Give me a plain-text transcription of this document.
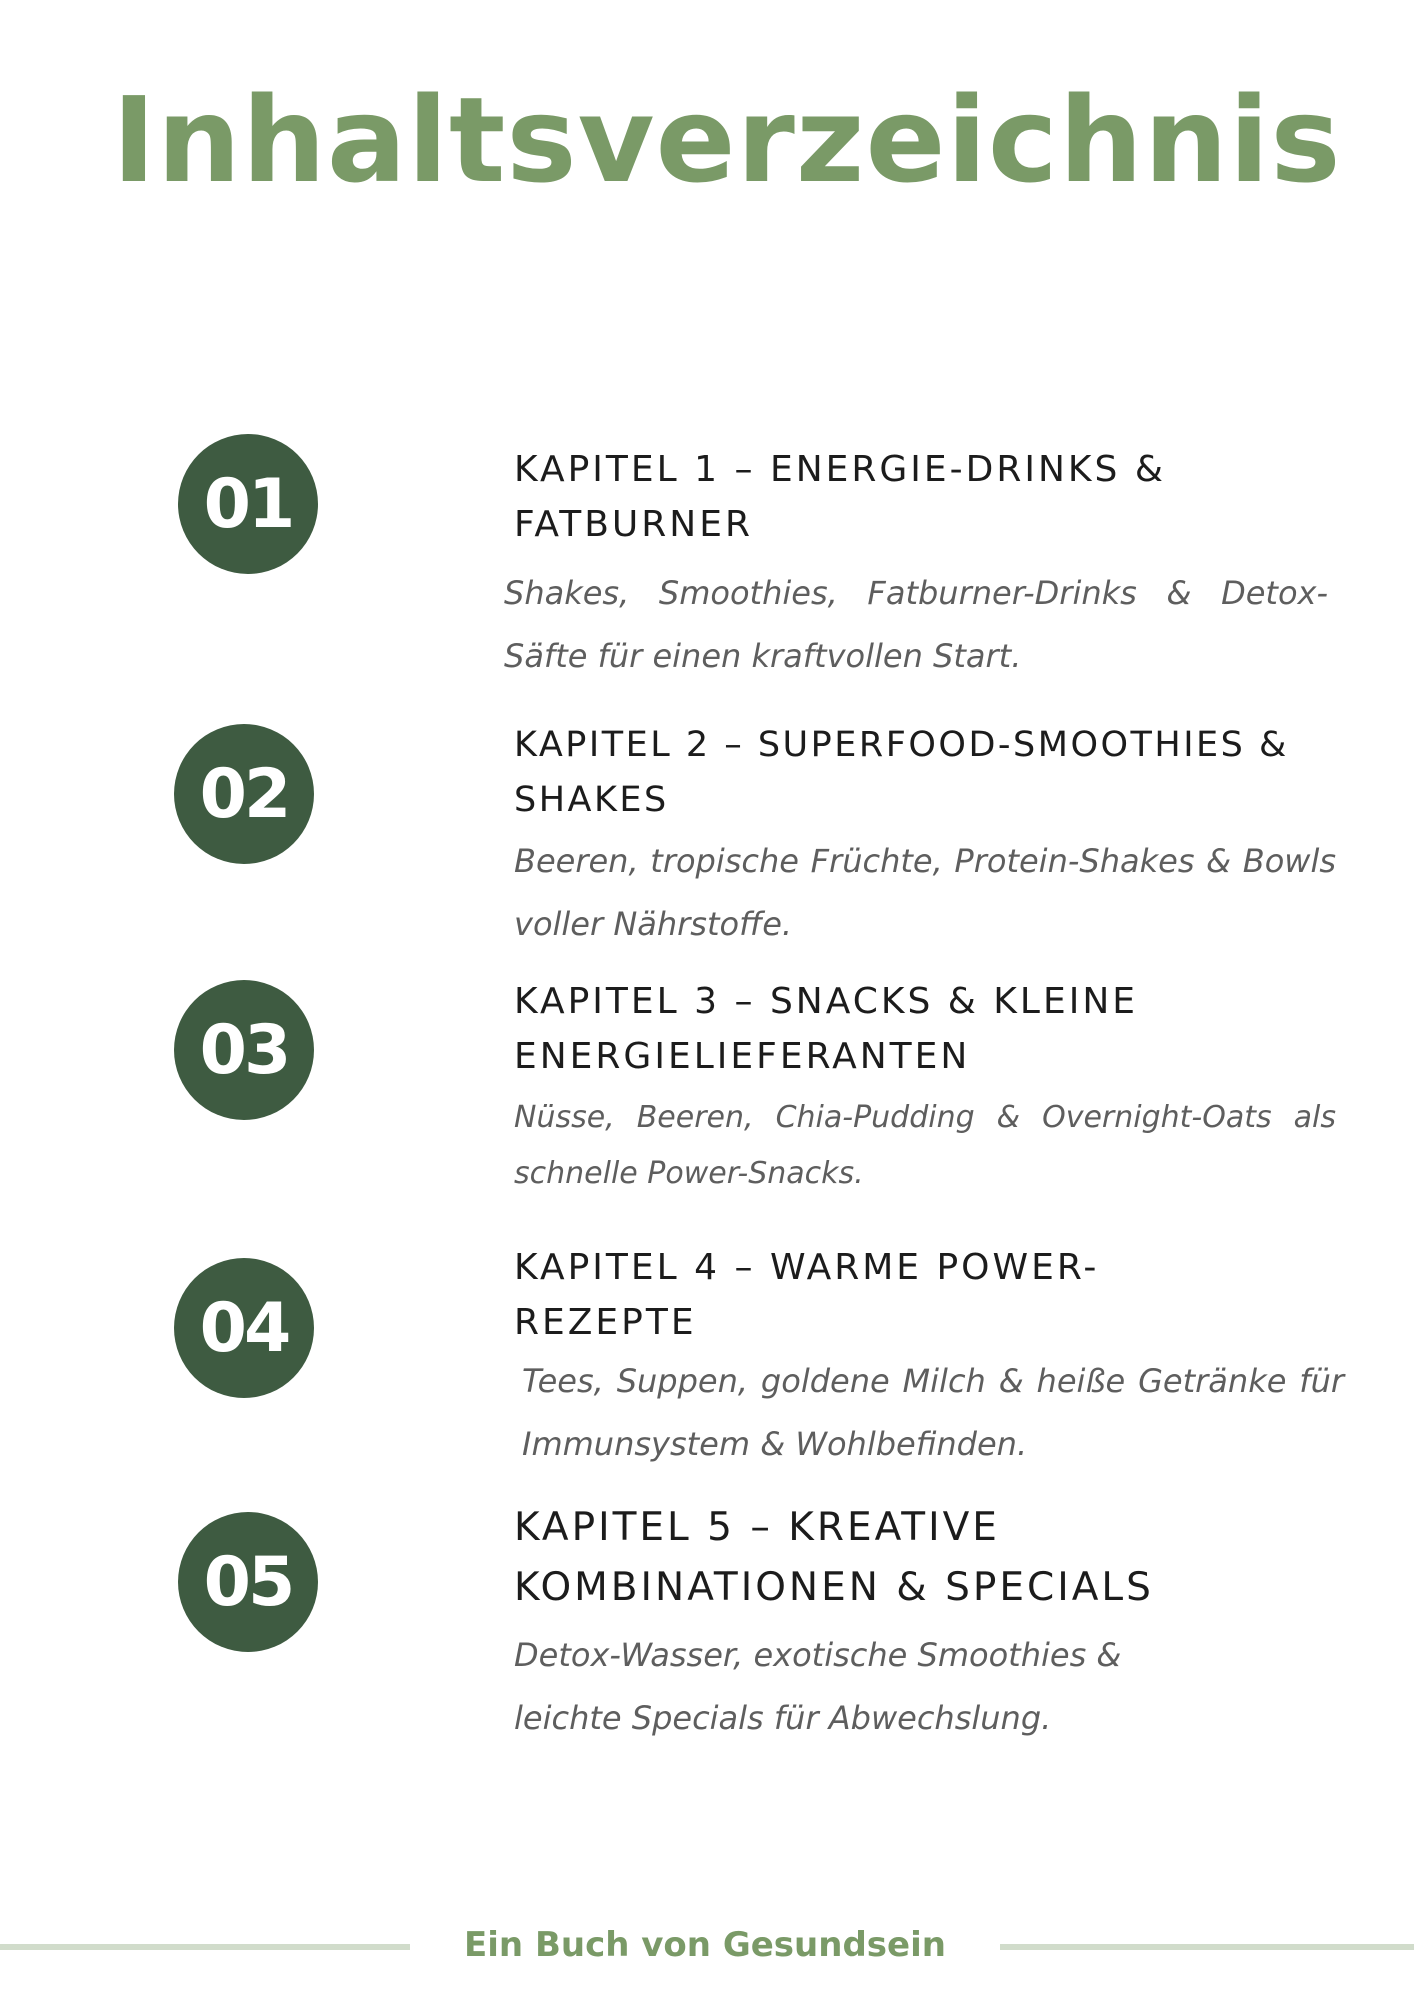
Inhaltsverzeichnis
01	KAPITEL 1 – ENERGIE-DRINKS & FATBURNER

Shakes, Smoothies, Fatburner-Drinks & Detox-Säfte für einen kraftvollen Start.

02
KAPITEL 2 – SUPERFOOD-SMOOTHIES & SHAKES

Beeren, tropische Früchte, Protein-Shakes & Bowls voller Nährstoffe.

03
KAPITEL 3 – SNACKS & KLEINE ENERGIELIEFERANTEN

Nüsse, Beeren, Chia-Pudding & Overnight-Oats als schnelle Power-Snacks.

04
KAPITEL 4 – WARME POWER-REZEPTE

Tees, Suppen, goldene Milch & heiße Getränke für Immunsystem & Wohlbefinden.

05
KAPITEL 5 – KREATIVE KOMBINATIONEN & SPECIALS

Detox-Wasser, exotische Smoothies & leichte Specials für Abwechslung.

Ein Buch von Gesundsein
